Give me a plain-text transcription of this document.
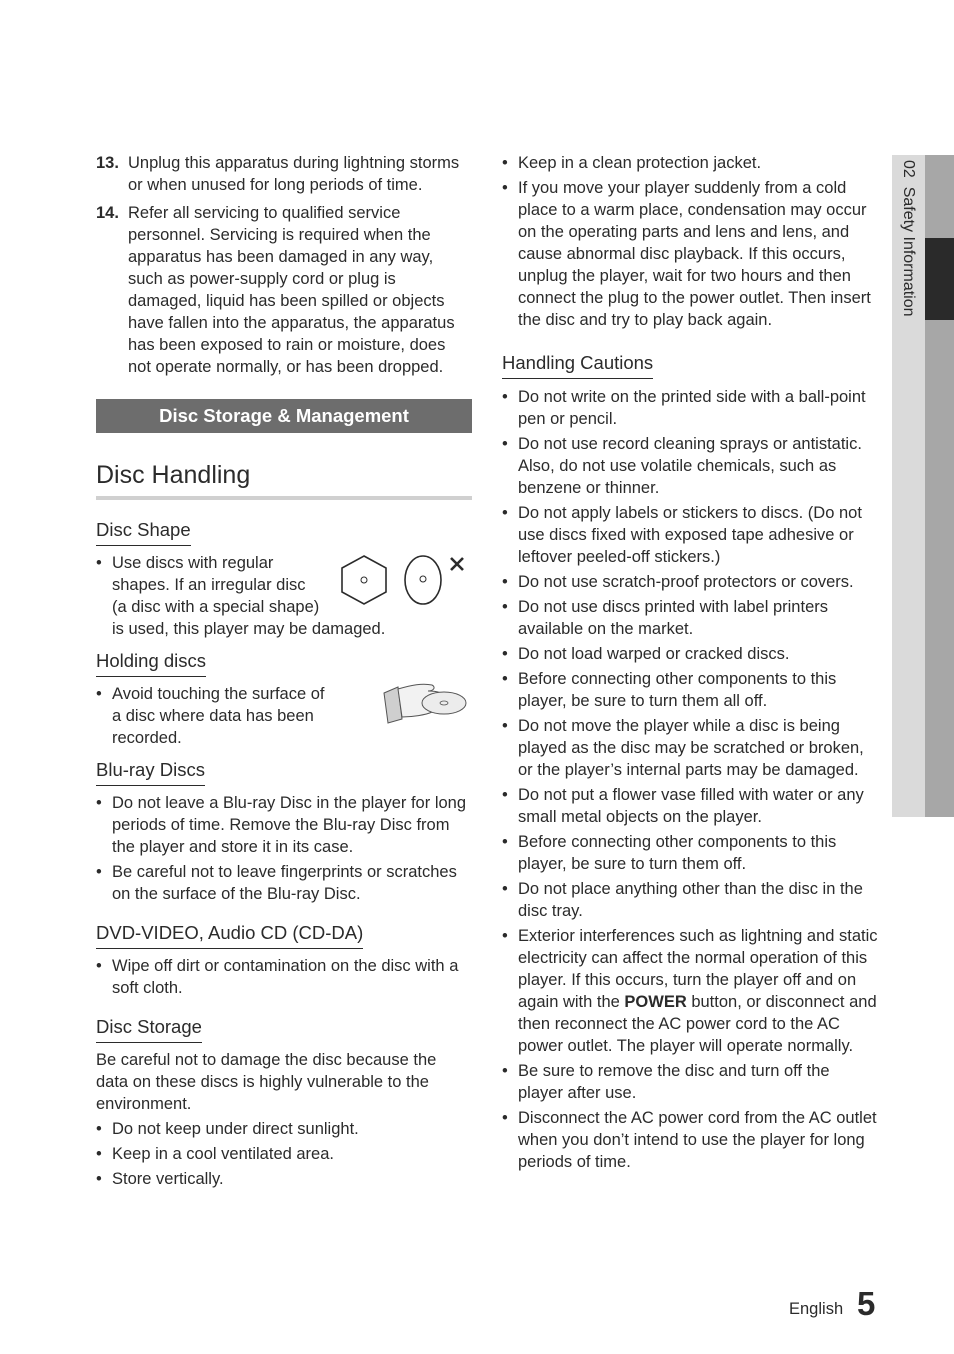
02  Safety Information
13. Unplug this apparatus during lightning storms or when unused for long periods of time.
14. Refer all servicing to qualified service personnel. Servicing is required when the apparatus has been damaged in any way, such as power-supply cord or plug is damaged, liquid has been spilled or objects have fallen into the apparatus, the apparatus has been exposed to rain or moisture, does not operate normally, or has been dropped.
Disc Storage & Management
Disc Handling
Disc Shape
• Use discs with regular
shapes. If an irregular disc
(a disc with a special shape)
is used, this player may be damaged.
Holding discs
• Avoid touching the surface of
a disc where data has been
recorded.
Blu-ray Discs
• Do not leave a Blu-ray Disc in the player for long periods of time. Remove the Blu-ray Disc from the player and store it in its case.
• Be careful not to leave fingerprints or scratches on the surface of the Blu-ray Disc.
DVD-VIDEO, Audio CD (CD-DA)
• Wipe off dirt or contamination on the disc with a soft cloth.
Disc Storage
Be careful not to damage the disc because the data on these discs is highly vulnerable to the environment.
• Do not keep under direct sunlight.
• Keep in a cool ventilated area.
• Store vertically.
• Keep in a clean protection jacket.
• If you move your player suddenly from a cold place to a warm place, condensation may occur on the operating parts and lens and lens, and cause abnormal disc playback. If this occurs, unplug the player, wait for two hours and then connect the plug to the power outlet. Then insert the disc and try to play back again.
Handling Cautions
• Do not write on the printed side with a ball-point pen or pencil.
• Do not use record cleaning sprays or antistatic. Also, do not use volatile chemicals, such as benzene or thinner.
• Do not apply labels or stickers to discs. (Do not use discs fixed with exposed tape adhesive or leftover peeled-off stickers.)
• Do not use scratch-proof protectors or covers.
• Do not use discs printed with label printers available on the market.
• Do not load warped or cracked discs.
• Before connecting other components to this player, be sure to turn them all off.
• Do not move the player while a disc is being played as the disc may be scratched or broken, or the player’s internal parts may be damaged.
• Do not put a flower vase filled with water or any small metal objects on the player.
• Before connecting other components to this player, be sure to turn them off.
• Do not place anything other than the disc in the disc tray.
• Exterior interferences such as lightning and static electricity can affect the normal operation of this player. If this occurs, turn the player off and on again with the POWER button, or disconnect and then reconnect the AC power cord to the AC power outlet. The player will operate normally.
• Be sure to remove the disc and turn off the player after use.
• Disconnect the AC power cord from the AC outlet when you don’t intend to use the player for long periods of time.
English 5
